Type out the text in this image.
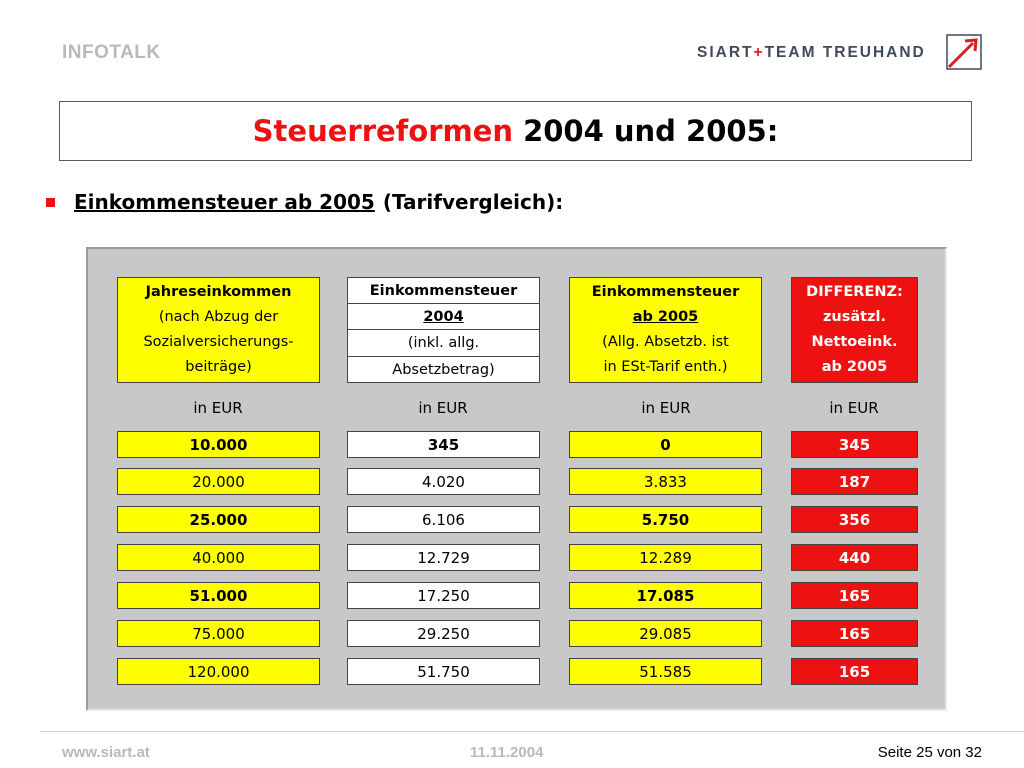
INFOTALK	SIART+TEAM TREUHAND
Steuerreformen 2004 und 2005:
Einkommensteuer ab 2005 (Tarifvergleich):
Jahreseinkommen
(nach Abzug der
Sozialversicherungs-
beiträge)
Einkommensteuer
2004
(inkl. allg.
Absetzbetrag)
Einkommensteuer
ab 2005
(Allg. Absetzb. ist
in ESt-Tarif enth.)
DIFFERENZ:
zusätzl.
Nettoeink.
ab 2005
in EUR	in EUR	in EUR	in EUR
10.000	345	0	345
20.000	4.020	3.833	187
25.000	6.106	5.750	356
40.000	12.729	12.289	440
51.000	17.250	17.085	165
75.000	29.250	29.085	165
120.000	51.750	51.585	165
www.siart.at	11.11.2004	Seite 25 von 32
